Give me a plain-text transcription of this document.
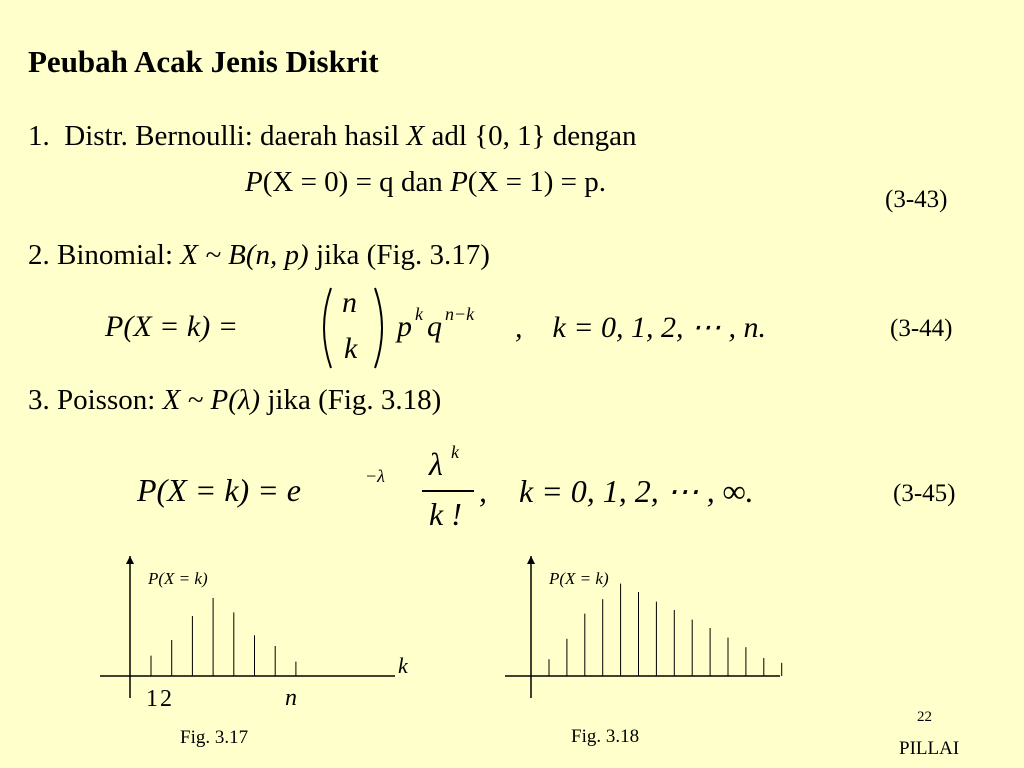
Peubah Acak Jenis Diskrit
1. Distr. Bernoulli: daerah hasil X adl {0, 1} dengan
P(X = 0) = q dan P(X = 1) = p.
(3-43)
2. Binomial: X ~ B(n, p) jika (Fig. 3.17)
P(X = k) =
n
k
p k q n−k ,    k = 0, 1, 2, ⋯ , n.	(3-44)
3. Poisson: X ~ P(λ) jika (Fig. 3.18)
P(X = k) = e	−λ λ k
k !
,    k = 0, 1, 2, ⋯ , ∞.	(3-45)
P(X = k)
k
1 2	n
P(X = k)
Fig. 3.17	Fig. 3.18
22
PILLAI
